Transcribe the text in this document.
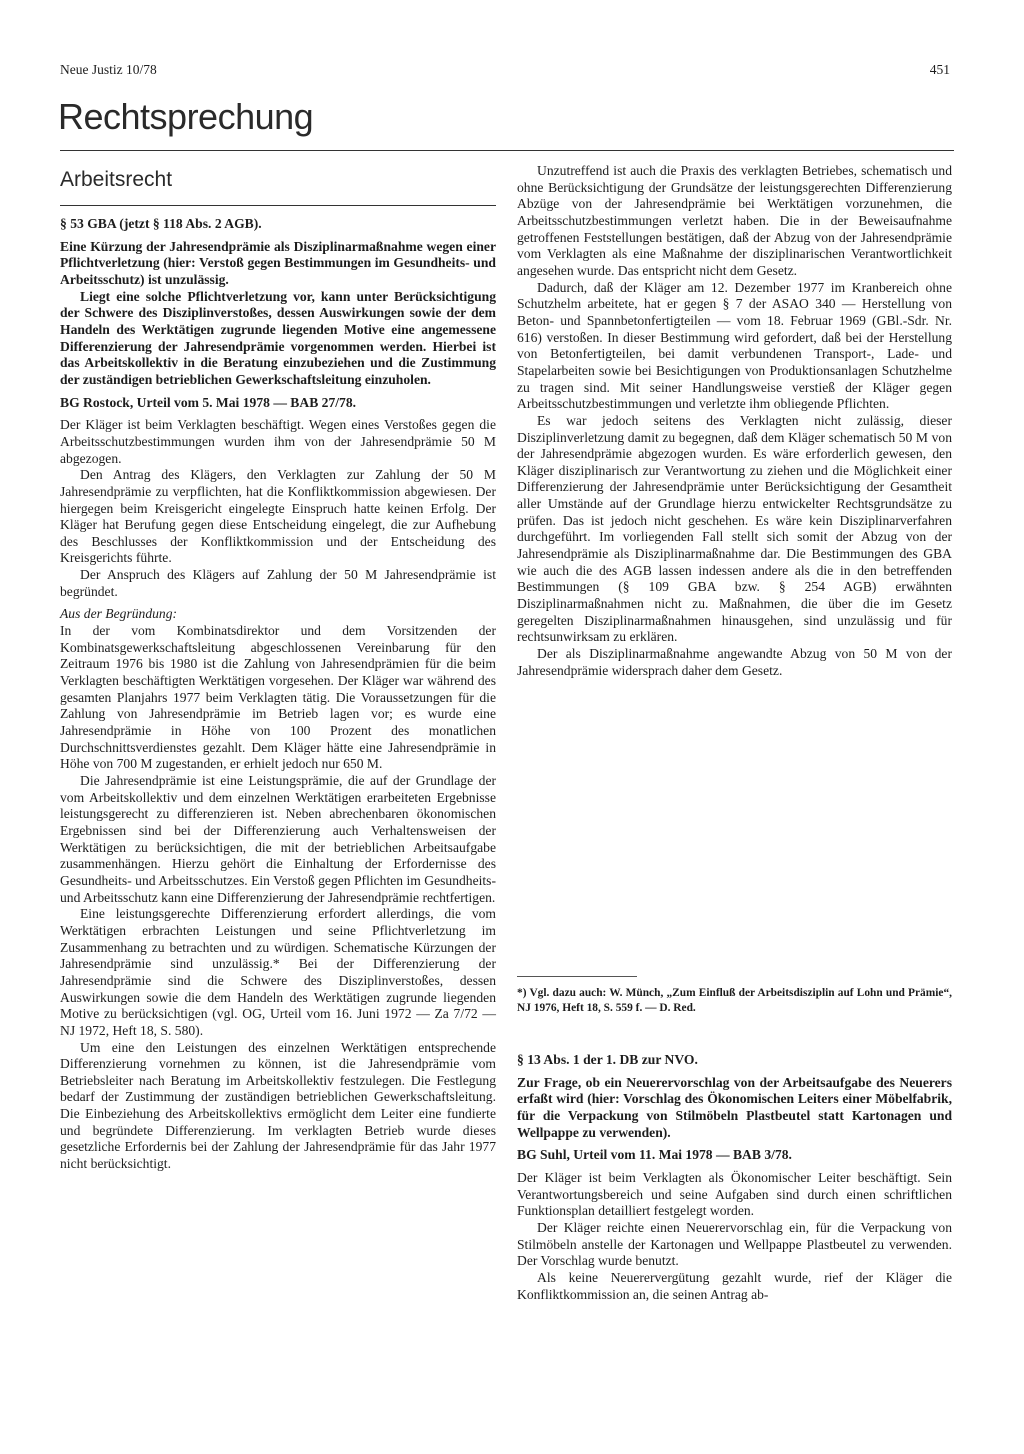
Neue Justiz 10/78	451
Rechtsprechung
Arbeitsrecht

§ 53 GBA (jetzt § 118 Abs. 2 AGB).

Eine Kürzung der Jahresendprämie als Disziplinarmaßnahme wegen einer Pflichtverletzung (hier: Verstoß gegen Bestimmungen im Gesundheits- und Arbeitsschutz) ist unzulässig.

Liegt eine solche Pflichtverletzung vor, kann unter Berücksichtigung der Schwere des Disziplinverstoßes, dessen Auswirkungen sowie der dem Handeln des Werktätigen zugrunde liegenden Motive eine angemessene Differenzierung der Jahresendprämie vorgenommen werden. Hierbei ist das Arbeitskollektiv in die Beratung einzubeziehen und die Zustimmung der zuständigen betrieblichen Gewerkschaftsleitung einzuholen.

BG Rostock, Urteil vom 5. Mai 1978 — BAB 27/78.

Der Kläger ist beim Verklagten beschäftigt. Wegen eines Verstoßes gegen die Arbeitsschutzbestimmungen wurden ihm von der Jahresendprämie 50 M abgezogen.

Den Antrag des Klägers, den Verklagten zur Zahlung der 50 M Jahresendprämie zu verpflichten, hat die Konfliktkommission abgewiesen. Der hiergegen beim Kreisgericht eingelegte Einspruch hatte keinen Erfolg. Der Kläger hat Berufung gegen diese Entscheidung eingelegt, die zur Aufhebung des Beschlusses der Konfliktkommission und der Entscheidung des Kreisgerichts führte.

Der Anspruch des Klägers auf Zahlung der 50 M Jahresendprämie ist begründet.

Aus der Begründung:

In der vom Kombinatsdirektor und dem Vorsitzenden der Kombinatsgewerkschaftsleitung abgeschlossenen Vereinbarung für den Zeitraum 1976 bis 1980 ist die Zahlung von Jahresendprämien für die beim Verklagten beschäftigten Werktätigen vorgesehen. Der Kläger war während des gesamten Planjahrs 1977 beim Verklagten tätig. Die Voraussetzungen für die Zahlung von Jahresendprämie im Betrieb lagen vor; es wurde eine Jahresendprämie in Höhe von 100 Prozent des monatlichen Durchschnittsverdienstes gezahlt. Dem Kläger hätte eine Jahresendprämie in Höhe von 700 M zugestanden, er erhielt jedoch nur 650 M.

Die Jahresendprämie ist eine Leistungsprämie, die auf der Grundlage der vom Arbeitskollektiv und dem einzelnen Werktätigen erarbeiteten Ergebnisse leistungsgerecht zu differenzieren ist. Neben abrechenbaren ökonomischen Ergebnissen sind bei der Differenzierung auch Verhaltensweisen der Werktätigen zu berücksichtigen, die mit der betrieblichen Arbeitsaufgabe zusammenhängen. Hierzu gehört die Einhaltung der Erfordernisse des Gesundheits- und Arbeitsschutzes. Ein Verstoß gegen Pflichten im Gesundheits- und Arbeitsschutz kann eine Differenzierung der Jahresendprämie rechtfertigen.

Eine leistungsgerechte Differenzierung erfordert allerdings, die vom Werktätigen erbrachten Leistungen und seine Pflichtverletzung im Zusammenhang zu betrachten und zu würdigen. Schematische Kürzungen der Jahresendprämie sind unzulässig.* Bei der Differenzierung der Jahresendprämie sind die Schwere des Disziplinverstoßes, dessen Auswirkungen sowie die dem Handeln des Werktätigen zugrunde liegenden Motive zu berücksichtigen (vgl. OG, Urteil vom 16. Juni 1972 — Za 7/72 — NJ 1972, Heft 18, S. 580).

Um eine den Leistungen des einzelnen Werktätigen entsprechende Differenzierung vornehmen zu können, ist die Jahresendprämie vom Betriebsleiter nach Beratung im Arbeitskollektiv festzulegen. Die Festlegung bedarf der Zustimmung der zuständigen betrieblichen Gewerkschaftsleitung. Die Einbeziehung des Arbeitskollektivs ermöglicht dem Leiter eine fundierte und begründete Differenzierung. Im verklagten Betrieb wurde dieses gesetzliche Erfordernis bei der Zahlung der Jahresendprämie für das Jahr 1977 nicht berücksichtigt.

Unzutreffend ist auch die Praxis des verklagten Betriebes, schematisch und ohne Berücksichtigung der Grundsätze der leistungsgerechten Differenzierung Abzüge von der Jahresendprämie bei Werktätigen vorzunehmen, die Arbeitsschutzbestimmungen verletzt haben. Die in der Beweisaufnahme getroffenen Feststellungen bestätigen, daß der Abzug von der Jahresendprämie vom Verklagten als eine Maßnahme der disziplinarischen Verantwortlichkeit angesehen wurde. Das entspricht nicht dem Gesetz.

Dadurch, daß der Kläger am 12. Dezember 1977 im Kranbereich ohne Schutzhelm arbeitete, hat er gegen § 7 der ASAO 340 — Herstellung von Beton- und Spannbetonfertigteilen — vom 18. Februar 1969 (GBl.-Sdr. Nr. 616) verstoßen. In dieser Bestimmung wird gefordert, daß bei der Herstellung von Betonfertigteilen, bei damit verbundenen Transport-, Lade- und Stapelarbeiten sowie bei Besichtigungen von Produktionsanlagen Schutzhelme zu tragen sind. Mit seiner Handlungsweise verstieß der Kläger gegen Arbeitsschutzbestimmungen und verletzte ihm obliegende Pflichten.

Es war jedoch seitens des Verklagten nicht zulässig, dieser Disziplinverletzung damit zu begegnen, daß dem Kläger schematisch 50 M von der Jahresendprämie abgezogen wurden. Es wäre erforderlich gewesen, den Kläger disziplinarisch zur Verantwortung zu ziehen und die Möglichkeit einer Differenzierung der Jahresendprämie unter Berücksichtigung der Gesamtheit aller Umstände auf der Grundlage hierzu entwickelter Rechtsgrundsätze zu prüfen. Das ist jedoch nicht geschehen. Es wäre kein Disziplinarverfahren durchgeführt. Im vorliegenden Fall stellt sich somit der Abzug von der Jahresendprämie als Disziplinarmaßnahme dar. Die Bestimmungen des GBA wie auch die des AGB lassen indessen andere als die in den betreffenden Bestimmungen (§ 109 GBA bzw. § 254 AGB) erwähnten Disziplinarmaßnahmen nicht zu. Maßnahmen, die über die im Gesetz geregelten Disziplinarmaßnahmen hinausgehen, sind unzulässig und für rechtsunwirksam zu erklären.

Der als Disziplinarmaßnahme angewandte Abzug von 50 M von der Jahresendprämie widersprach daher dem Gesetz.

*) Vgl. dazu auch: W. Münch, „Zum Einfluß der Arbeitsdisziplin auf Lohn und Prämie“, NJ 1976, Heft 18, S. 559 f. — D. Red.

§ 13 Abs. 1 der 1. DB zur NVO.

Zur Frage, ob ein Neuerervorschlag von der Arbeitsaufgabe des Neuerers erfaßt wird (hier: Vorschlag des Ökonomischen Leiters einer Möbelfabrik, für die Verpackung von Stilmöbeln Plastbeutel statt Kartonagen und Wellpappe zu verwenden).

BG Suhl, Urteil vom 11. Mai 1978 — BAB 3/78.

Der Kläger ist beim Verklagten als Ökonomischer Leiter beschäftigt. Sein Verantwortungsbereich und seine Aufgaben sind durch einen schriftlichen Funktionsplan detailliert festgelegt worden.

Der Kläger reichte einen Neuerervorschlag ein, für die Verpackung von Stilmöbeln anstelle der Kartonagen und Wellpappe Plastbeutel zu verwenden. Der Vorschlag wurde benutzt.

Als keine Neuerervergütung gezahlt wurde, rief der Kläger die Konfliktkommission an, die seinen Antrag ab-
